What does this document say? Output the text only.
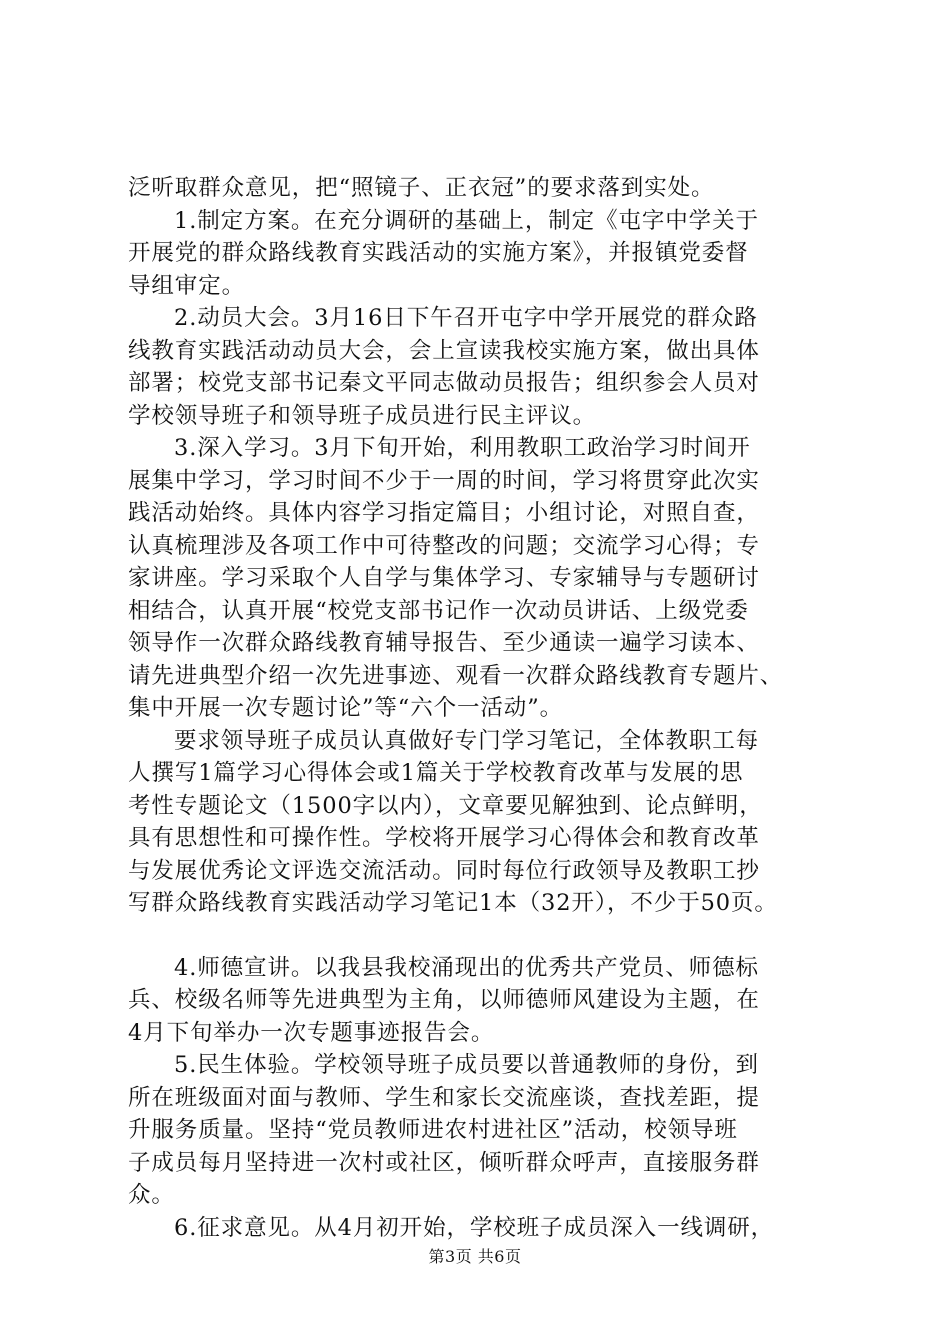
泛听取群众意见，把“照镜子、正衣冠”的要求落到实处。
1.制定方案。在充分调研的基础上，制定《屯字中学关于
开展党的群众路线教育实践活动的实施方案》，并报镇党委督
导组审定。
2.动员大会。3月16日下午召开屯字中学开展党的群众路
线教育实践活动动员大会，会上宣读我校实施方案，做出具体
部署；校党支部书记秦文平同志做动员报告；组织参会人员对
学校领导班子和领导班子成员进行民主评议。
3.深入学习。3月下旬开始，利用教职工政治学习时间开
展集中学习，学习时间不少于一周的时间，学习将贯穿此次实
践活动始终。具体内容学习指定篇目；小组讨论，对照自查，
认真梳理涉及各项工作中可待整改的问题；交流学习心得；专
家讲座。学习采取个人自学与集体学习、专家辅导与专题研讨
相结合，认真开展“校党支部书记作一次动员讲话、上级党委
领导作一次群众路线教育辅导报告、至少通读一遍学习读本、
请先进典型介绍一次先进事迹、观看一次群众路线教育专题片、
集中开展一次专题讨论”等“六个一活动”。
要求领导班子成员认真做好专门学习笔记，全体教职工每
人撰写1篇学习心得体会或1篇关于学校教育改革与发展的思
考性专题论文（1500字以内），文章要见解独到、论点鲜明，
具有思想性和可操作性。学校将开展学习心得体会和教育改革
与发展优秀论文评选交流活动。同时每位行政领导及教职工抄
写群众路线教育实践活动学习笔记1本（32开），不少于50页。
4.师德宣讲。以我县我校涌现出的优秀共产党员、师德标
兵、校级名师等先进典型为主角，以师德师风建设为主题，在
4月下旬举办一次专题事迹报告会。
5.民生体验。学校领导班子成员要以普通教师的身份，到
所在班级面对面与教师、学生和家长交流座谈，查找差距，提
升服务质量。坚持“党员教师进农村进社区”活动，校领导班
子成员每月坚持进一次村或社区，倾听群众呼声，直接服务群
众。
6.征求意见。从4月初开始，学校班子成员深入一线调研，
第3页 共6页
